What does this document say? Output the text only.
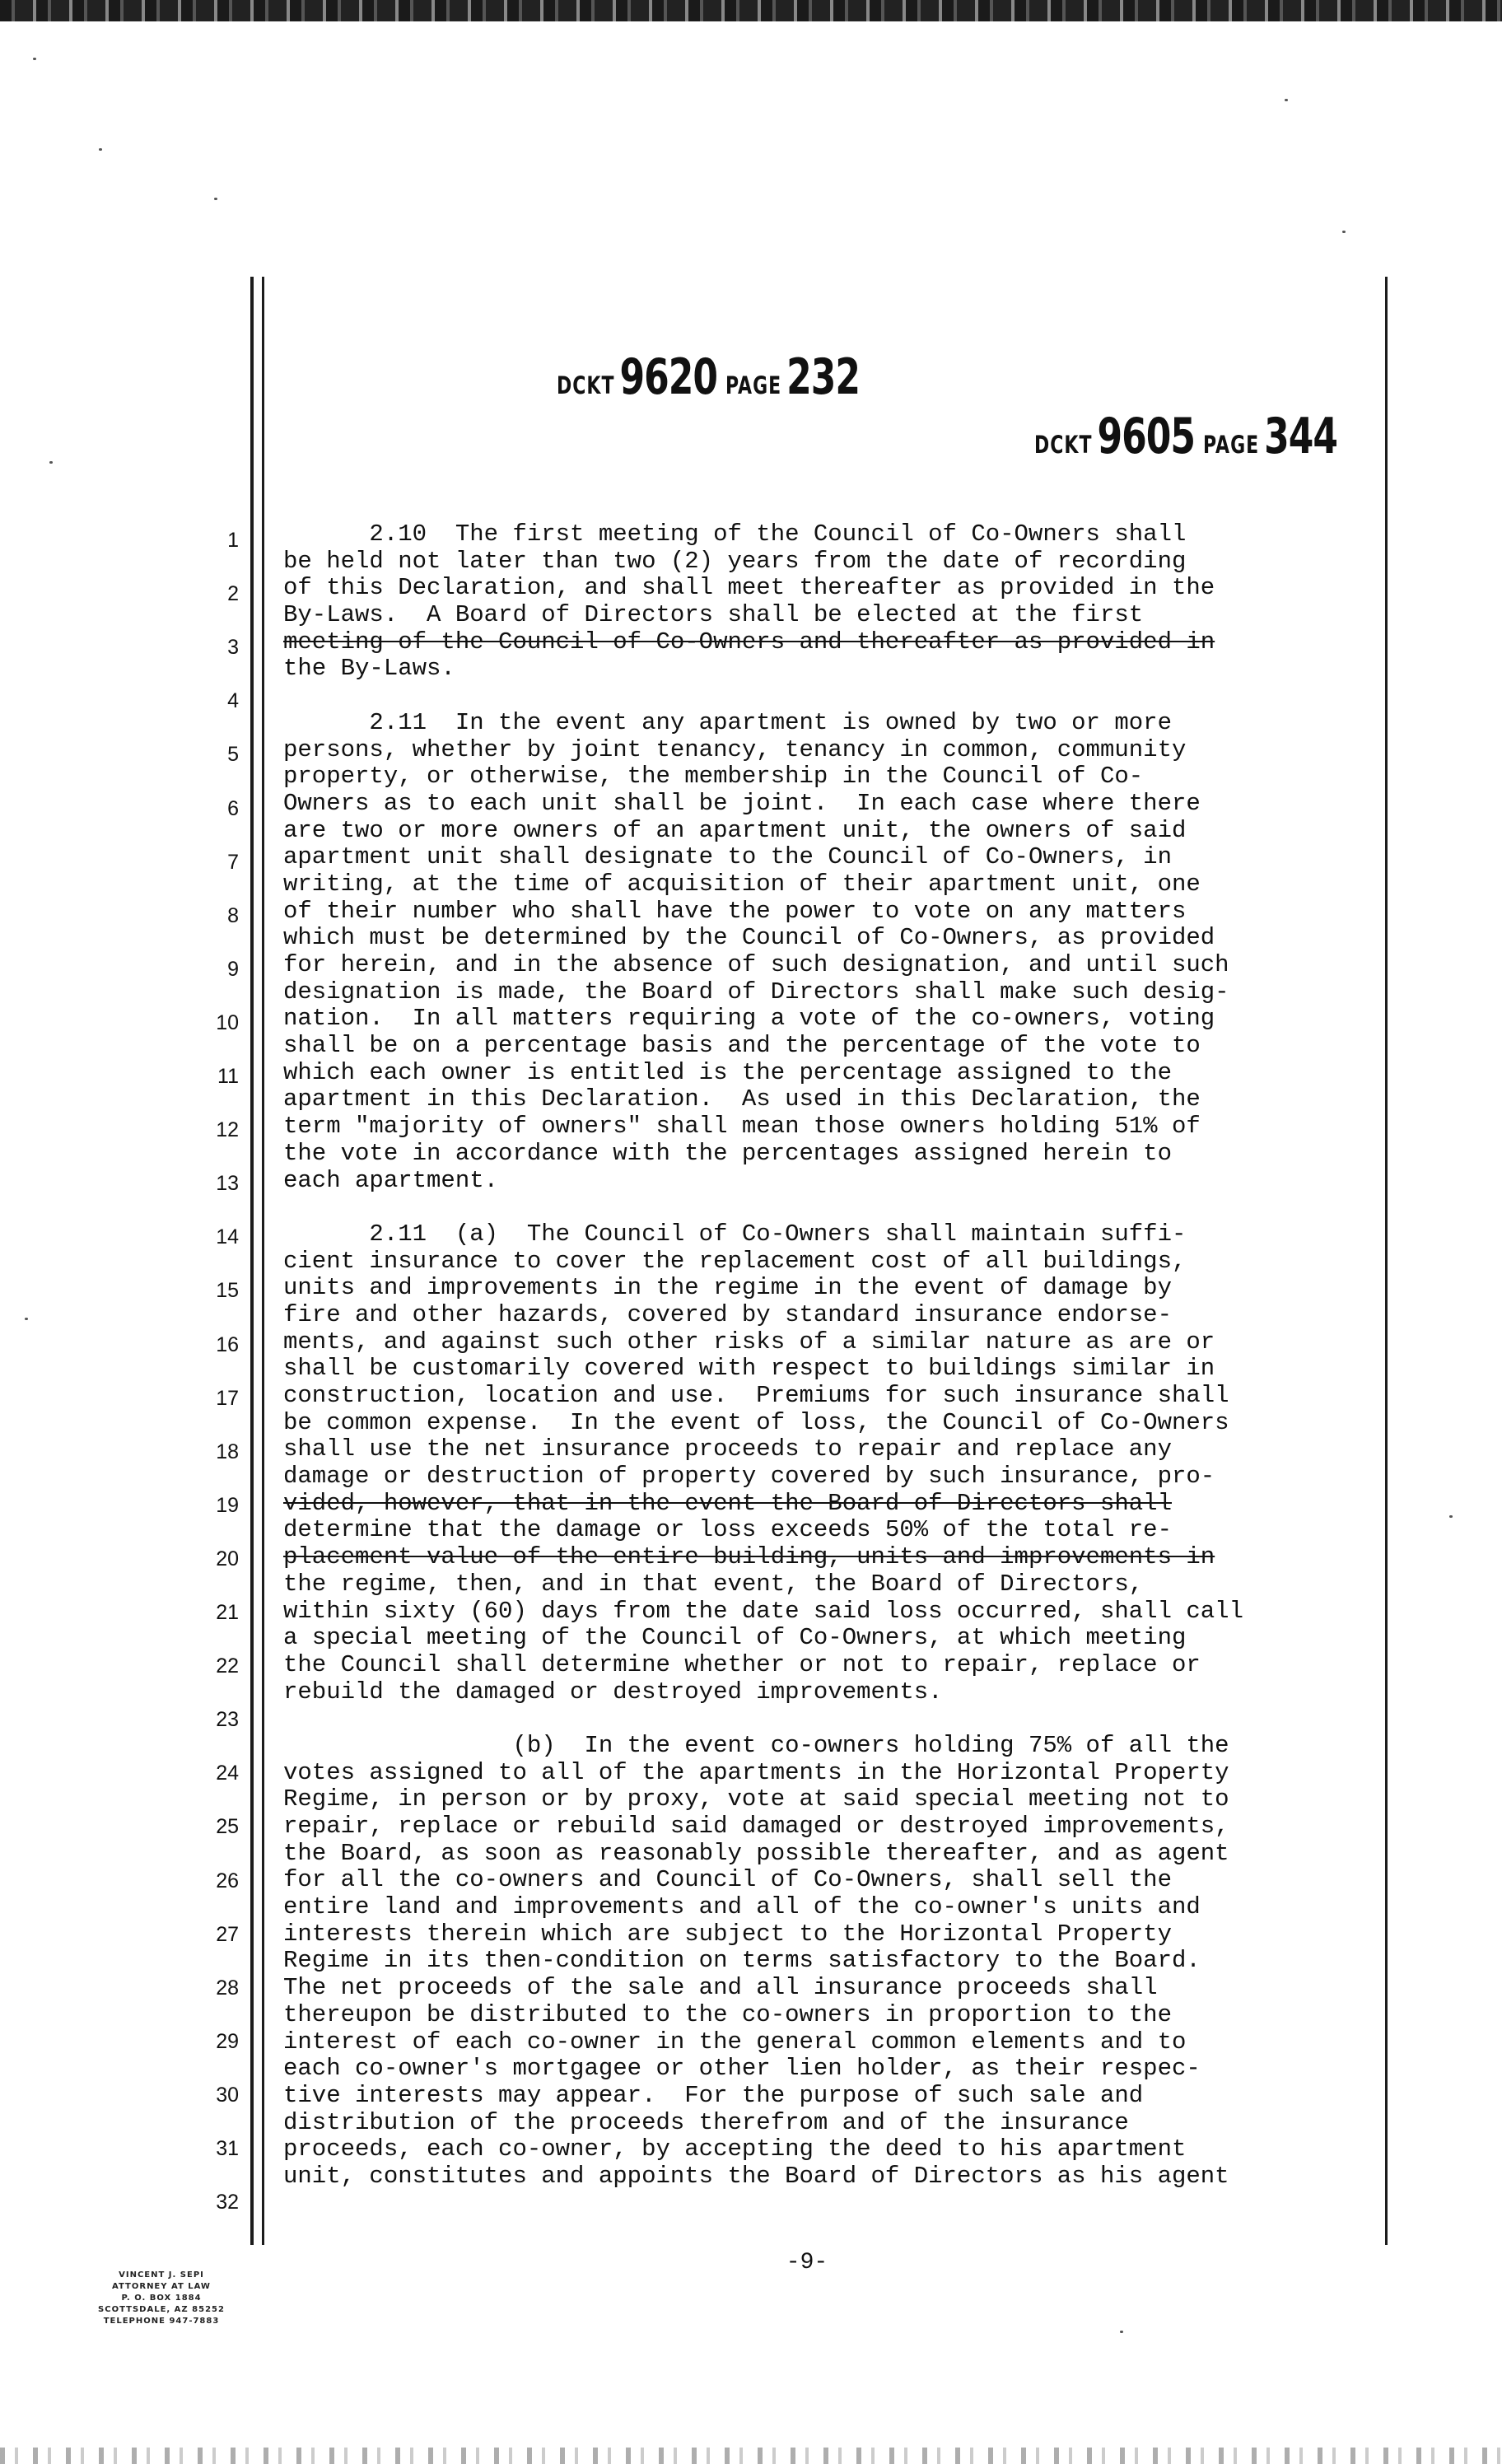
DCKT 9620 PAGE 232
DCKT 9605 PAGE 344
1
2
3
4
5
6
7
8
9
10
11
12
13
14
15
16
17
18
19
20
21
22
23
24
25
26
27
28
29
30
31
32
2.10  The first meeting of the Council of Co-Owners shall
be held not later than two (2) years from the date of recording
of this Declaration, and shall meet thereafter as provided in the
By-Laws.  A Board of Directors shall be elected at the first
meeting of the Council of Co-Owners and thereafter as provided in
the By-Laws.
2.11  In the event any apartment is owned by two or more
persons, whether by joint tenancy, tenancy in common, community
property, or otherwise, the membership in the Council of Co-
Owners as to each unit shall be joint.  In each case where there
are two or more owners of an apartment unit, the owners of said
apartment unit shall designate to the Council of Co-Owners, in
writing, at the time of acquisition of their apartment unit, one
of their number who shall have the power to vote on any matters
which must be determined by the Council of Co-Owners, as provided
for herein, and in the absence of such designation, and until such
designation is made, the Board of Directors shall make such desig-
nation.  In all matters requiring a vote of the co-owners, voting
shall be on a percentage basis and the percentage of the vote to
which each owner is entitled is the percentage assigned to the
apartment in this Declaration.  As used in this Declaration, the
term "majority of owners" shall mean those owners holding 51% of
the vote in accordance with the percentages assigned herein to
each apartment.
2.11  (a)  The Council of Co-Owners shall maintain suffi-
cient insurance to cover the replacement cost of all buildings,
units and improvements in the regime in the event of damage by
fire and other hazards, covered by standard insurance endorse-
ments, and against such other risks of a similar nature as are or
shall be customarily covered with respect to buildings similar in
construction, location and use.  Premiums for such insurance shall
be common expense.  In the event of loss, the Council of Co-Owners
shall use the net insurance proceeds to repair and replace any
damage or destruction of property covered by such insurance, pro-
vided, however, that in the event the Board of Directors shall
determine that the damage or loss exceeds 50% of the total re-
placement value of the entire building, units and improvements in
the regime, then, and in that event, the Board of Directors,
within sixty (60) days from the date said loss occurred, shall call
a special meeting of the Council of Co-Owners, at which meeting
the Council shall determine whether or not to repair, replace or
rebuild the damaged or destroyed improvements.
(b)  In the event co-owners holding 75% of all the
votes assigned to all of the apartments in the Horizontal Property
Regime, in person or by proxy, vote at said special meeting not to
repair, replace or rebuild said damaged or destroyed improvements,
the Board, as soon as reasonably possible thereafter, and as agent
for all the co-owners and Council of Co-Owners, shall sell the
entire land and improvements and all of the co-owner's units and
interests therein which are subject to the Horizontal Property
Regime in its then-condition on terms satisfactory to the Board.
The net proceeds of the sale and all insurance proceeds shall
thereupon be distributed to the co-owners in proportion to the
interest of each co-owner in the general common elements and to
each co-owner's mortgagee or other lien holder, as their respec-
tive interests may appear.  For the purpose of such sale and
distribution of the proceeds therefrom and of the insurance
proceeds, each co-owner, by accepting the deed to his apartment
unit, constitutes and appoints the Board of Directors as his agent
-9-
VINCENT J. SEPI
ATTORNEY AT LAW
P. O. BOX 1884
SCOTTSDALE, AZ 85252
TELEPHONE 947-7883
